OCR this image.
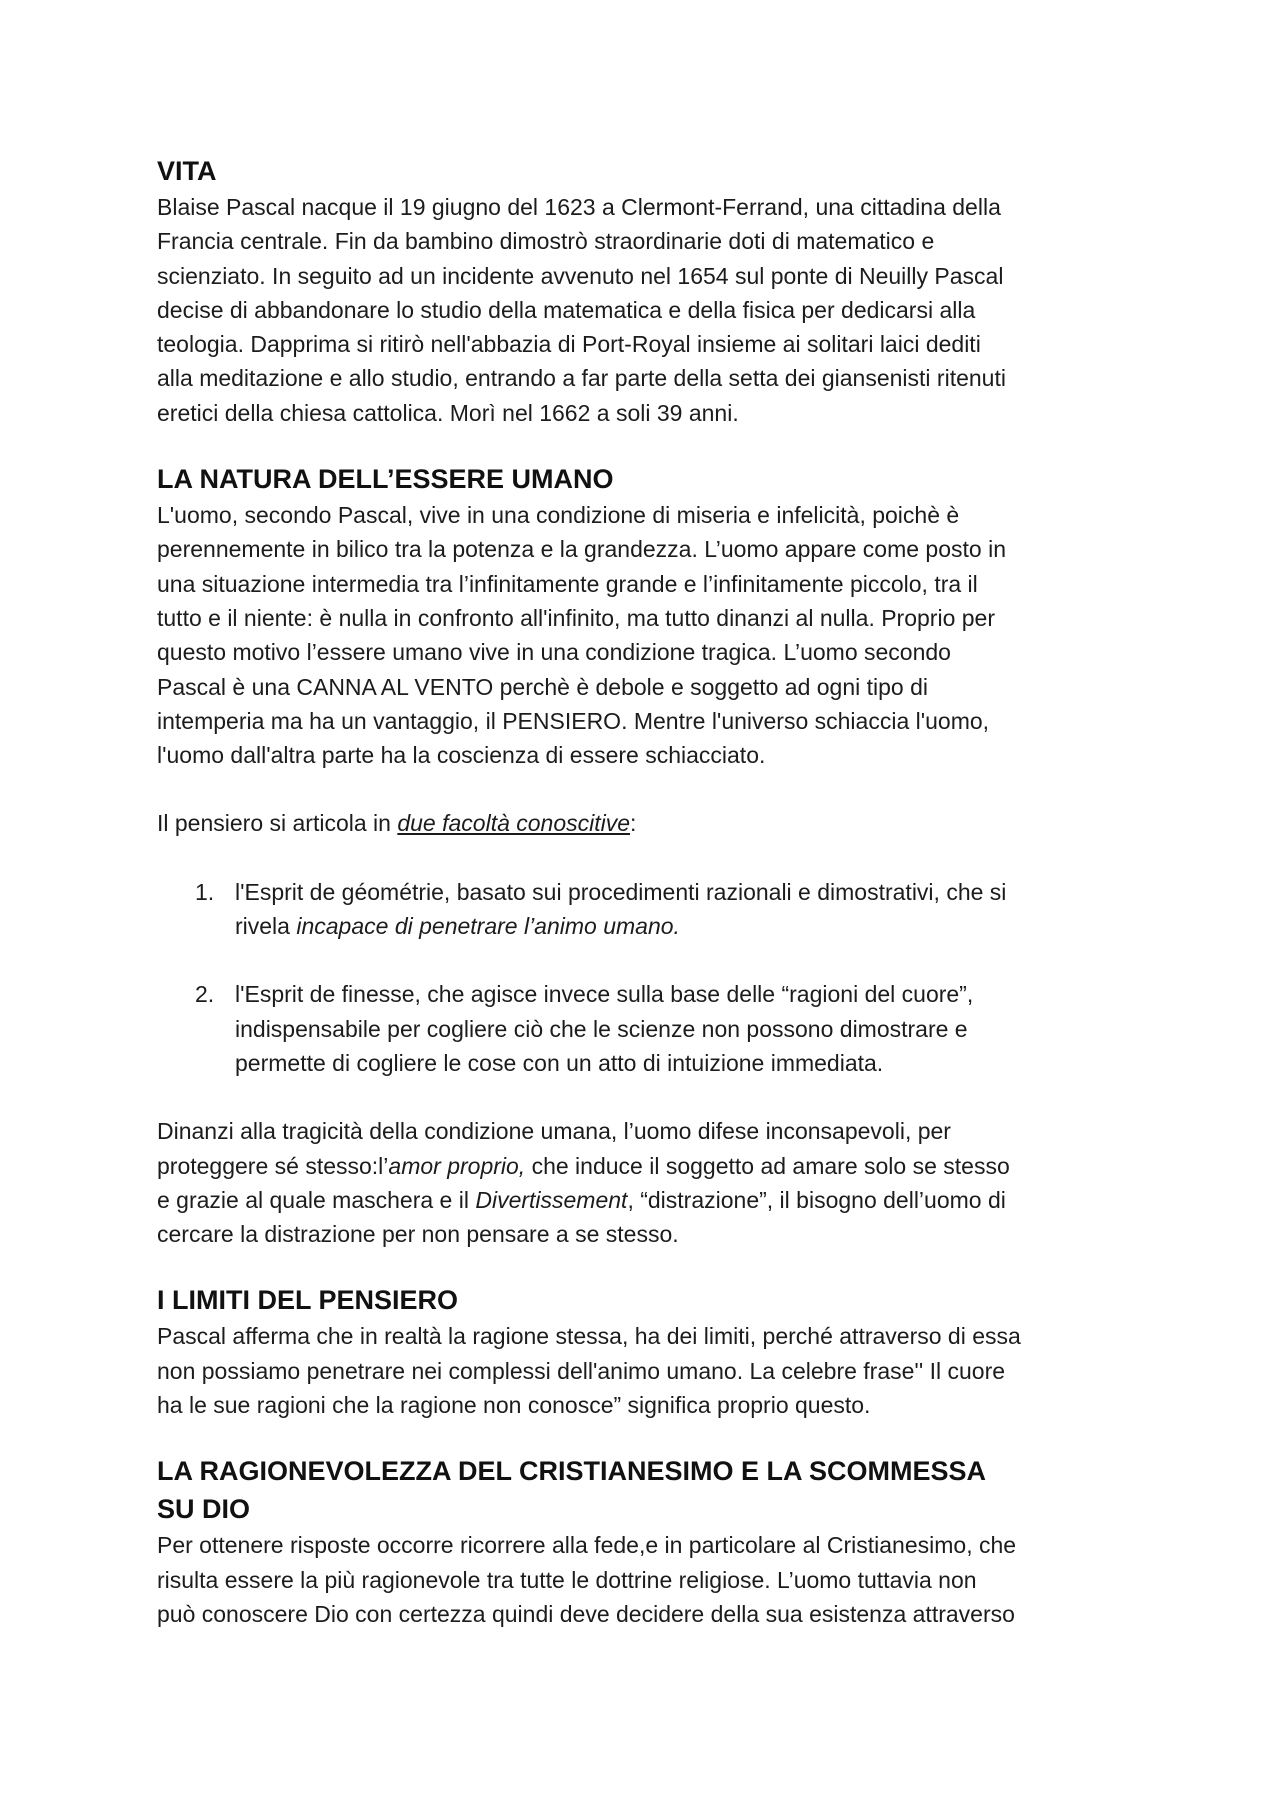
VITA

Blaise Pascal nacque il 19 giugno del 1623 a Clermont-Ferrand, una cittadina della
Francia centrale. Fin da bambino dimostrò straordinarie doti di matematico e
scienziato. In seguito ad un incidente avvenuto nel 1654 sul ponte di Neuilly Pascal
decise di abbandonare lo studio della matematica e della fisica per dedicarsi alla
teologia. Dapprima si ritirò nell'abbazia di Port-Royal insieme ai solitari laici dediti
alla meditazione e allo studio, entrando a far parte della setta dei giansenisti ritenuti
eretici della chiesa cattolica. Morì nel 1662 a soli 39 anni.

LA NATURA DELL’ESSERE UMANO

L'uomo, secondo Pascal, vive in una condizione di miseria e infelicità, poichè è
perennemente in bilico tra la potenza e la grandezza. L’uomo appare come posto in
una situazione intermedia tra l’infinitamente grande e l’infinitamente piccolo, tra il
tutto e il niente: è nulla in confronto all'infinito, ma tutto dinanzi al nulla. Proprio per
questo motivo l’essere umano vive in una condizione tragica. L’uomo secondo
Pascal è una CANNA AL VENTO perchè è debole e soggetto ad ogni tipo di
intemperia ma ha un vantaggio, il PENSIERO. Mentre l'universo schiaccia l'uomo,
l'uomo dall'altra parte ha la coscienza di essere schiacciato.

Il pensiero si articola in due facoltà conoscitive:

1. l'Esprit de géométrie, basato sui procedimenti razionali e dimostrativi, che si
rivela incapace di penetrare l’animo umano.
2. l'Esprit de finesse, che agisce invece sulla base delle “ragioni del cuore”,
indispensabile per cogliere ciò che le scienze non possono dimostrare e
permette di cogliere le cose con un atto di intuizione immediata.

Dinanzi alla tragicità della condizione umana, l’uomo difese inconsapevoli, per
proteggere sé stesso:l’amor proprio, che induce il soggetto ad amare solo se stesso
e grazie al quale maschera e il Divertissement, “distrazione”, il bisogno dell’uomo di
cercare la distrazione per non pensare a se stesso.

I LIMITI DEL PENSIERO

Pascal afferma che in realtà la ragione stessa, ha dei limiti, perché attraverso di essa
non possiamo penetrare nei complessi dell'animo umano. La celebre frase'' Il cuore
ha le sue ragioni che la ragione non conosce” significa proprio questo.

LA RAGIONEVOLEZZA DEL CRISTIANESIMO E LA SCOMMESSA
SU DIO

Per ottenere risposte occorre ricorrere alla fede,e in particolare al Cristianesimo, che
risulta essere la più ragionevole tra tutte le dottrine religiose. L’uomo tuttavia non
può conoscere Dio con certezza quindi deve decidere della sua esistenza attraverso
